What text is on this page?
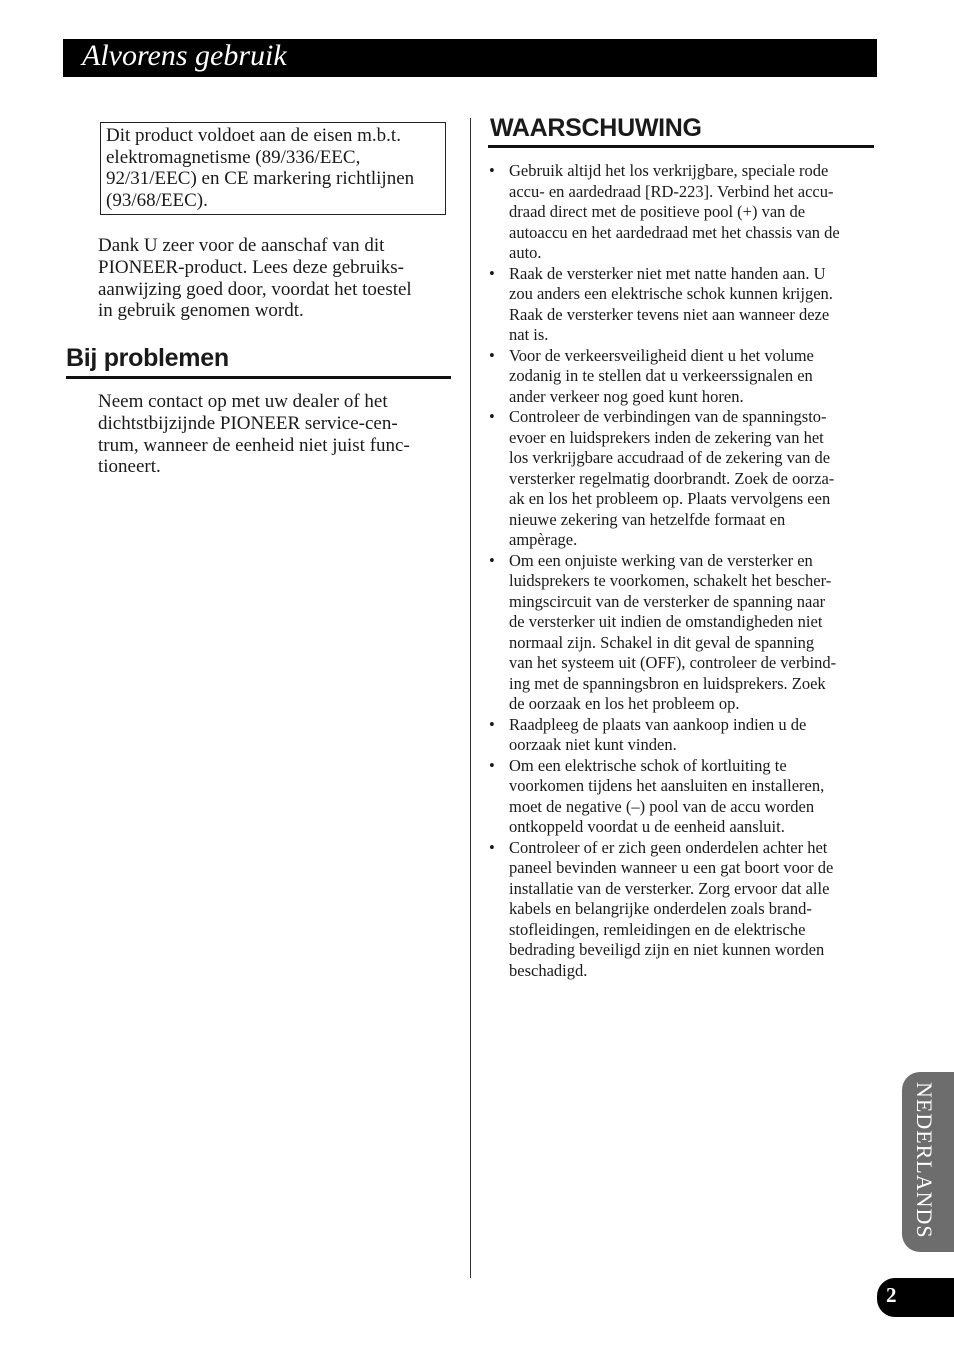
Alvorens gebruik
Dit product voldoet aan de eisen m.b.t.
elektromagnetisme (89/336/EEC,
92/31/EEC) en CE markering richtlijnen
(93/68/EEC).
Dank U zeer voor de aanschaf van dit
PIONEER-product. Lees deze gebruiks-
aanwijzing goed door, voordat het toestel
in gebruik genomen wordt.
Bij problemen
Neem contact op met uw dealer of het
dichtstbijzijnde PIONEER service-cen-
trum, wanneer de eenheid niet juist func-
tioneert.
WAARSCHUWING
• Gebruik altijd het los verkrijgbare, speciale rode
accu- en aardedraad [RD-223]. Verbind het accu-
draad direct met de positieve pool (+) van de
autoaccu en het aardedraad met het chassis van de
auto.
• Raak de versterker niet met natte handen aan. U
zou anders een elektrische schok kunnen krijgen.
Raak de versterker tevens niet aan wanneer deze
nat is.
• Voor de verkeersveiligheid dient u het volume
zodanig in te stellen dat u verkeerssignalen en
ander verkeer nog goed kunt horen.
• Controleer de verbindingen van de spanningsto-
evoer en luidsprekers inden de zekering van het
los verkrijgbare accudraad of de zekering van de
versterker regelmatig doorbrandt. Zoek de oorza-
ak en los het probleem op. Plaats vervolgens een
nieuwe zekering van hetzelfde formaat en
ampèrage.
• Om een onjuiste werking van de versterker en
luidsprekers te voorkomen, schakelt het bescher-
mingscircuit van de versterker de spanning naar
de versterker uit indien de omstandigheden niet
normaal zijn. Schakel in dit geval de spanning
van het systeem uit (OFF), controleer de verbind-
ing met de spanningsbron en luidsprekers. Zoek
de oorzaak en los het probleem op.
• Raadpleeg de plaats van aankoop indien u de
oorzaak niet kunt vinden.
• Om een elektrische schok of kortluiting te
voorkomen tijdens het aansluiten en installeren,
moet de negative (–) pool van de accu worden
ontkoppeld voordat u de eenheid aansluit.
• Controleer of er zich geen onderdelen achter het
paneel bevinden wanneer u een gat boort voor de
installatie van de versterker. Zorg ervoor dat alle
kabels en belangrijke onderdelen zoals brand-
stofleidingen, remleidingen en de elektrische
bedrading beveiligd zijn en niet kunnen worden
beschadigd.
NEDERLANDS
2
